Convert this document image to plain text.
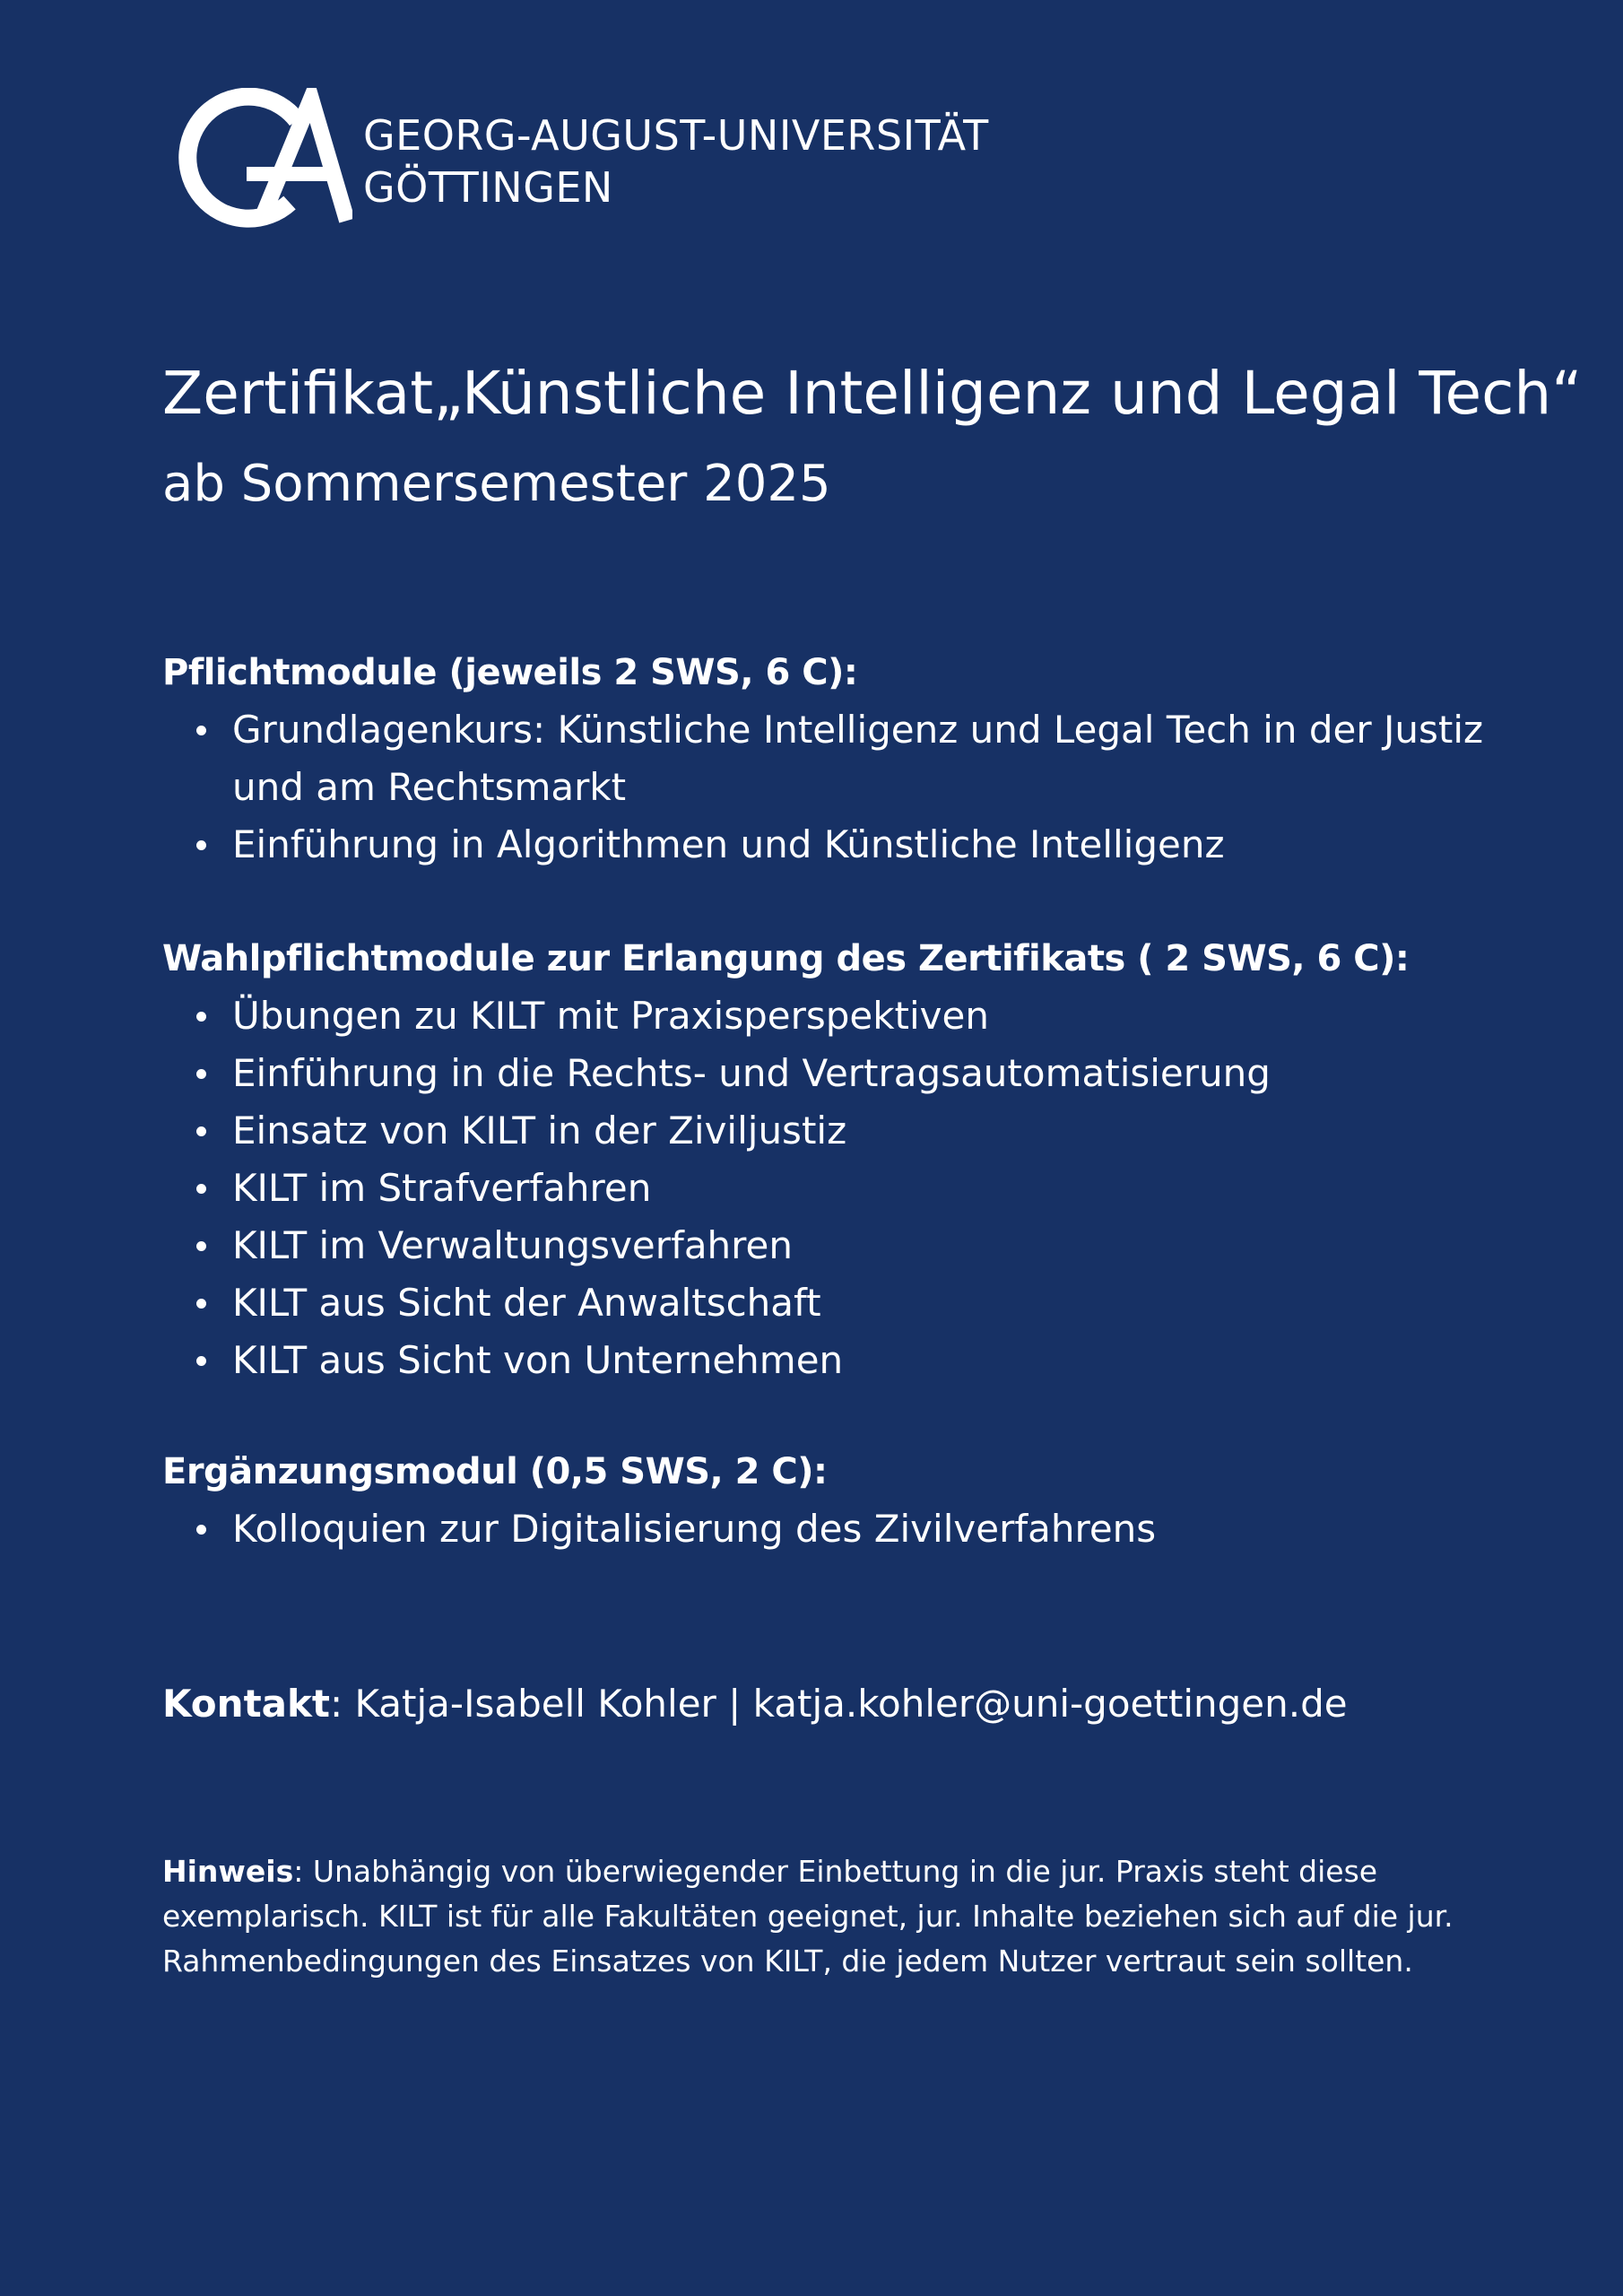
GEORG-AUGUST-UNIVERSITÄT
GÖTTINGEN
Zertifikat„Künstliche Intelligenz und Legal Tech“
ab Sommersemester 2025
Pflichtmodule (jeweils 2 SWS, 6 C):
Grundlagenkurs: Künstliche Intelligenz und Legal Tech in der Justiz und am Rechtsmarkt
Einführung in Algorithmen und Künstliche Intelligenz
Wahlpflichtmodule zur Erlangung des Zertifikats ( 2 SWS, 6 C):
Übungen zu KILT mit Praxisperspektiven
Einführung in die Rechts- und Vertragsautomatisierung
Einsatz von KILT in der Ziviljustiz
KILT im Strafverfahren
KILT im Verwaltungsverfahren
KILT aus Sicht der Anwaltschaft
KILT aus Sicht von Unternehmen
Ergänzungsmodul (0,5 SWS, 2 C):
Kolloquien zur Digitalisierung des Zivilverfahrens
Kontakt: Katja-Isabell Kohler | katja.kohler@uni-goettingen.de
Hinweis: Unabhängig von überwiegender Einbettung in die jur. Praxis steht diese exemplarisch. KILT ist für alle Fakultäten geeignet, jur. Inhalte beziehen sich auf die jur. Rahmenbedingungen des Einsatzes von KILT, die jedem Nutzer vertraut sein sollten.
